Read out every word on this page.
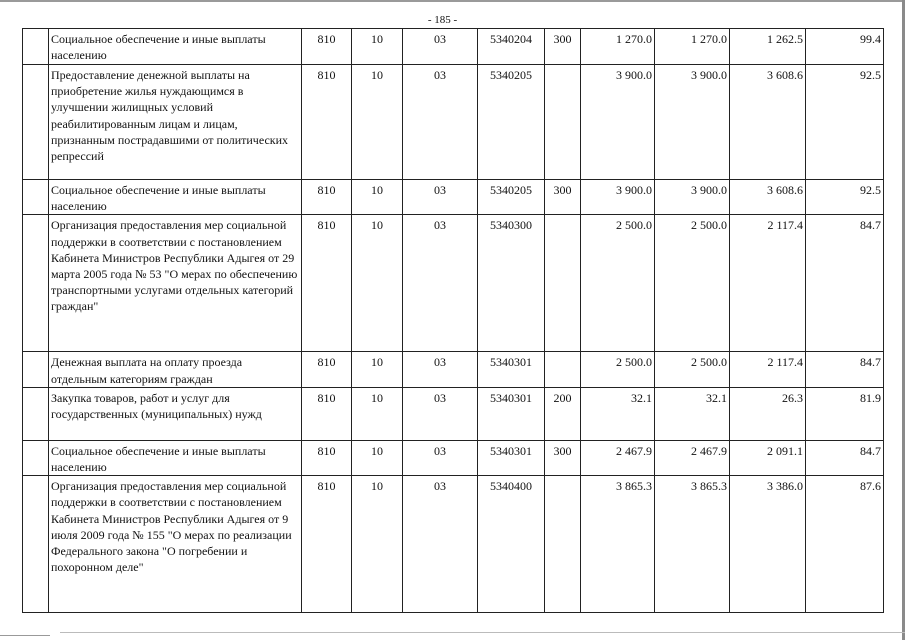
- 185 -
	Социальное обеспечение и иные выплаты населению	810	10	03	5340204	300	1 270.0	1 270.0	1 262.5	99.4
	Предоставление денежной выплаты на приобретение жилья нуждающимся в улучшении жилищных условий реабилитированным лицам и лицам, признанным пострадавшими от политических репрессий	810	10	03	5340205		3 900.0	3 900.0	3 608.6	92.5
	Социальное обеспечение и иные выплаты населению	810	10	03	5340205	300	3 900.0	3 900.0	3 608.6	92.5
	Организация предоставления мер социальной поддержки в соответствии с постановлением Кабинета Министров Республики Адыгея от 29 марта 2005 года № 53 "О мерах по обеспечению транспортными услугами отдельных категорий граждан"	810	10	03	5340300		2 500.0	2 500.0	2 117.4	84.7
	Денежная выплата на оплату проезда отдельным категориям граждан	810	10	03	5340301		2 500.0	2 500.0	2 117.4	84.7
	Закупка товаров, работ и услуг для государственных (муниципальных) нужд	810	10	03	5340301	200	32.1	32.1	26.3	81.9
	Социальное обеспечение и иные выплаты населению	810	10	03	5340301	300	2 467.9	2 467.9	2 091.1	84.7
	Организация предоставления мер социальной поддержки в соответствии с постановлением Кабинета Министров Республики Адыгея от 9 июля 2009 года № 155 "О мерах по реализации Федерального закона "О погребении и похоронном деле"	810	10	03	5340400		3 865.3	3 865.3	3 386.0	87.6
